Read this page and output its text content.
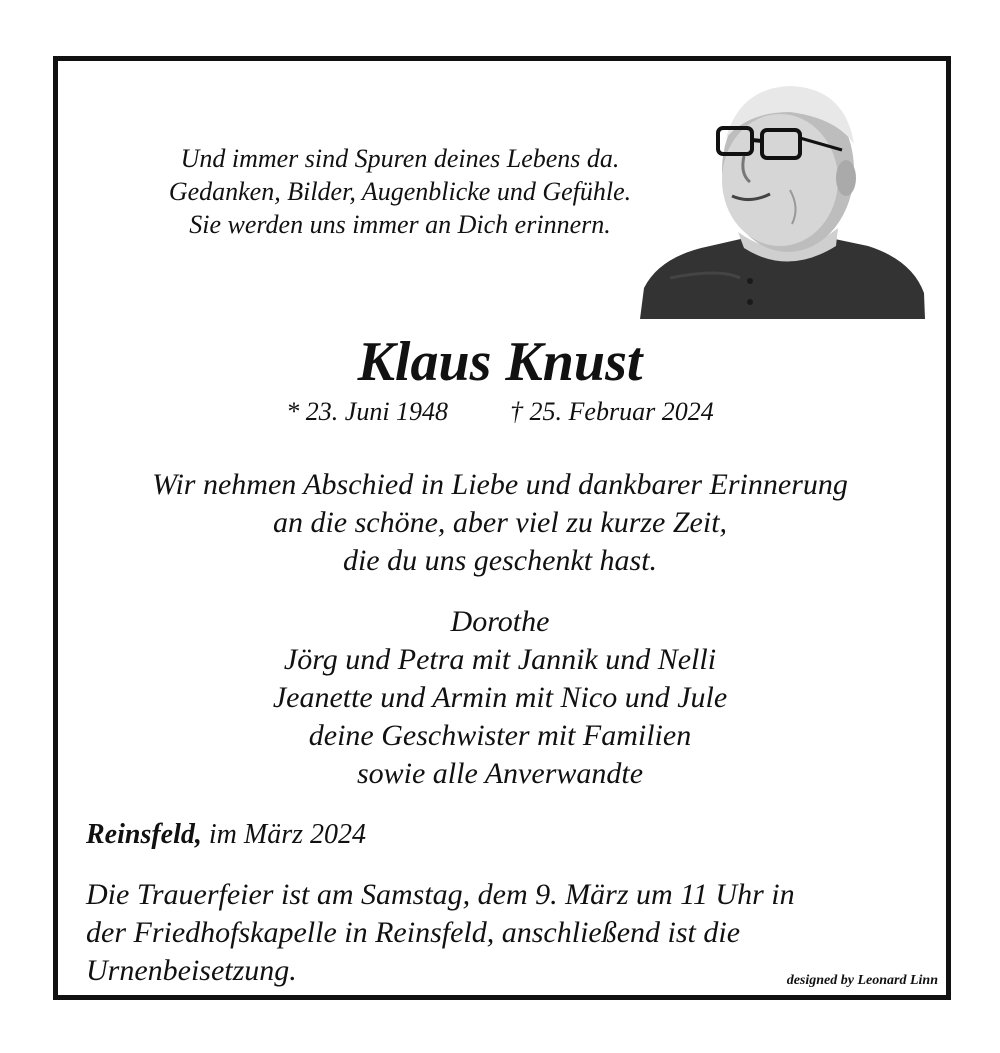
Und immer sind Spuren deines Lebens da.
Gedanken, Bilder, Augenblicke und Gefühle.
Sie werden uns immer an Dich erinnern.
Klaus Knust
* 23. Juni 1948 † 25. Februar 2024
Wir nehmen Abschied in Liebe und dankbarer Erinnerung
an die schöne, aber viel zu kurze Zeit,
die du uns geschenkt hast.
Dorothe
Jörg und Petra mit Jannik und Nelli
Jeanette und Armin mit Nico und Jule
deine Geschwister mit Familien
sowie alle Anverwandte
Reinsfeld, im März 2024
Die Trauerfeier ist am Samstag, dem 9. März um 11 Uhr in
der Friedhofskapelle in Reinsfeld, anschließend ist die
Urnenbeisetzung.	designed by Leonard Linn
